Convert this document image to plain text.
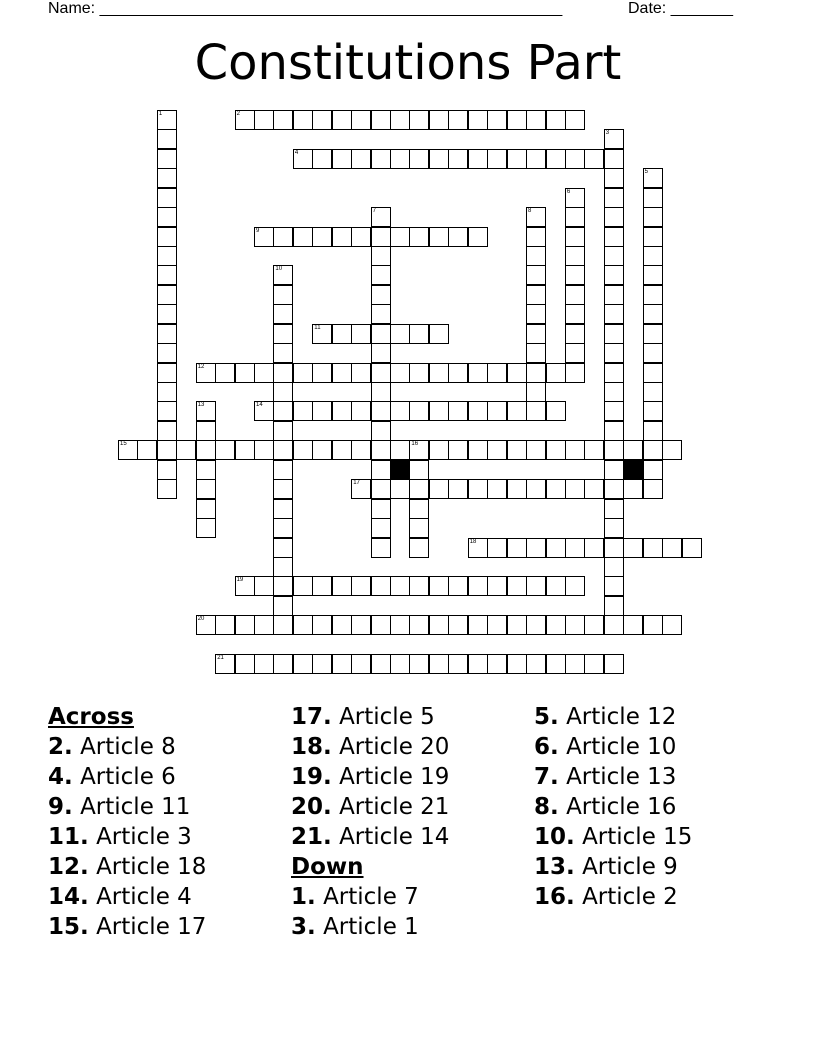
Name: ____________________________________________________

	Date: _______

Constitutions Part
2
4
9
11
12
14
15	16
17
18
19
20
21
1
3
5
6
7	8
10
13
Across
2. Article 8
4. Article 6
9. Article 11
11. Article 3
12. Article 18
14. Article 4
15. Article 17
17. Article 5
18. Article 20
19. Article 19
20. Article 21
21. Article 14
Down
1. Article 7
3. Article 1
5. Article 12
6. Article 10
7. Article 13
8. Article 16
10. Article 15
13. Article 9
16. Article 2
